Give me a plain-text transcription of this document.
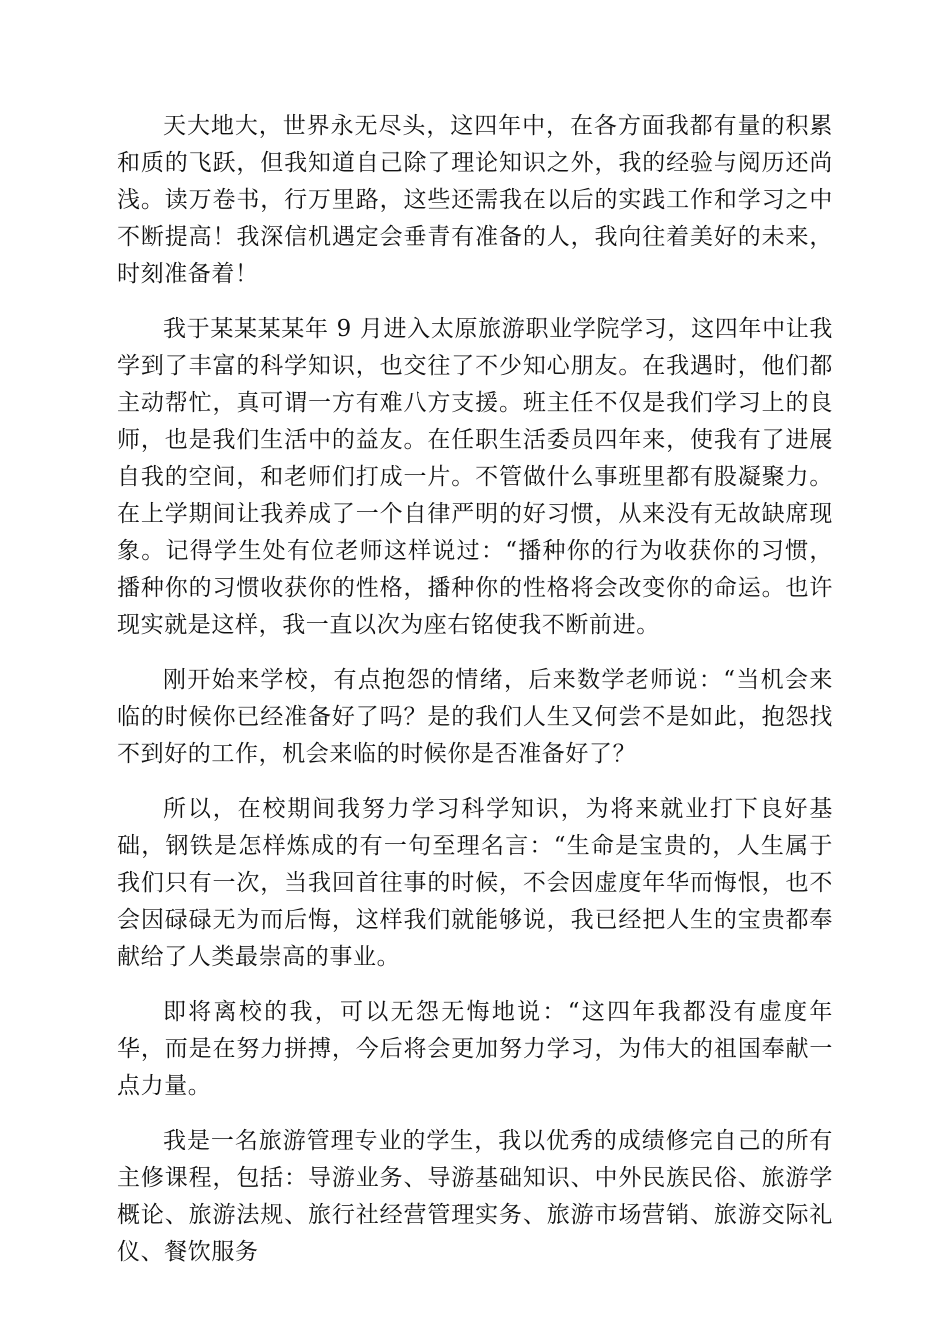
天大地大，世界永无尽头，这四年中，在各方面我都有量的积累和质的飞跃，但我知道自己除了理论知识之外，我的经验与阅历还尚浅。读万卷书，行万里路，这些还需我在以后的实践工作和学习之中不断提高！我深信机遇定会垂青有准备的人，我向往着美好的未来，时刻准备着！

我于某某某某年 9 月进入太原旅游职业学院学习，这四年中让我学到了丰富的科学知识，也交往了不少知心朋友。在我遇时，他们都主动帮忙，真可谓一方有难八方支援。班主任不仅是我们学习上的良师，也是我们生活中的益友。在任职生活委员四年来，使我有了进展自我的空间，和老师们打成一片。不管做什么事班里都有股凝聚力。在上学期间让我养成了一个自律严明的好习惯，从来没有无故缺席现象。记得学生处有位老师这样说过：“播种你的行为收获你的习惯，播种你的习惯收获你的性格，播种你的性格将会改变你的命运。也许现实就是这样，我一直以次为座右铭使我不断前进。

刚开始来学校，有点抱怨的情绪，后来数学老师说：“当机会来临的时候你已经准备好了吗？是的我们人生又何尝不是如此，抱怨找不到好的工作，机会来临的时候你是否准备好了？

所以，在校期间我努力学习科学知识，为将来就业打下良好基础，钢铁是怎样炼成的有一句至理名言：“生命是宝贵的，人生属于我们只有一次，当我回首往事的时候，不会因虚度年华而悔恨，也不会因碌碌无为而后悔，这样我们就能够说，我已经把人生的宝贵都奉献给了人类最崇高的事业。

即将离校的我，可以无怨无悔地说：“这四年我都没有虚度年华，而是在努力拼搏，今后将会更加努力学习，为伟大的祖国奉献一点力量。

我是一名旅游管理专业的学生，我以优秀的成绩修完自己的所有主修课程，包括：导游业务、导游基础知识、中外民族民俗、旅游学概论、旅游法规、旅行社经营管理实务、旅游市场营销、旅游交际礼仪、餐饮服务
